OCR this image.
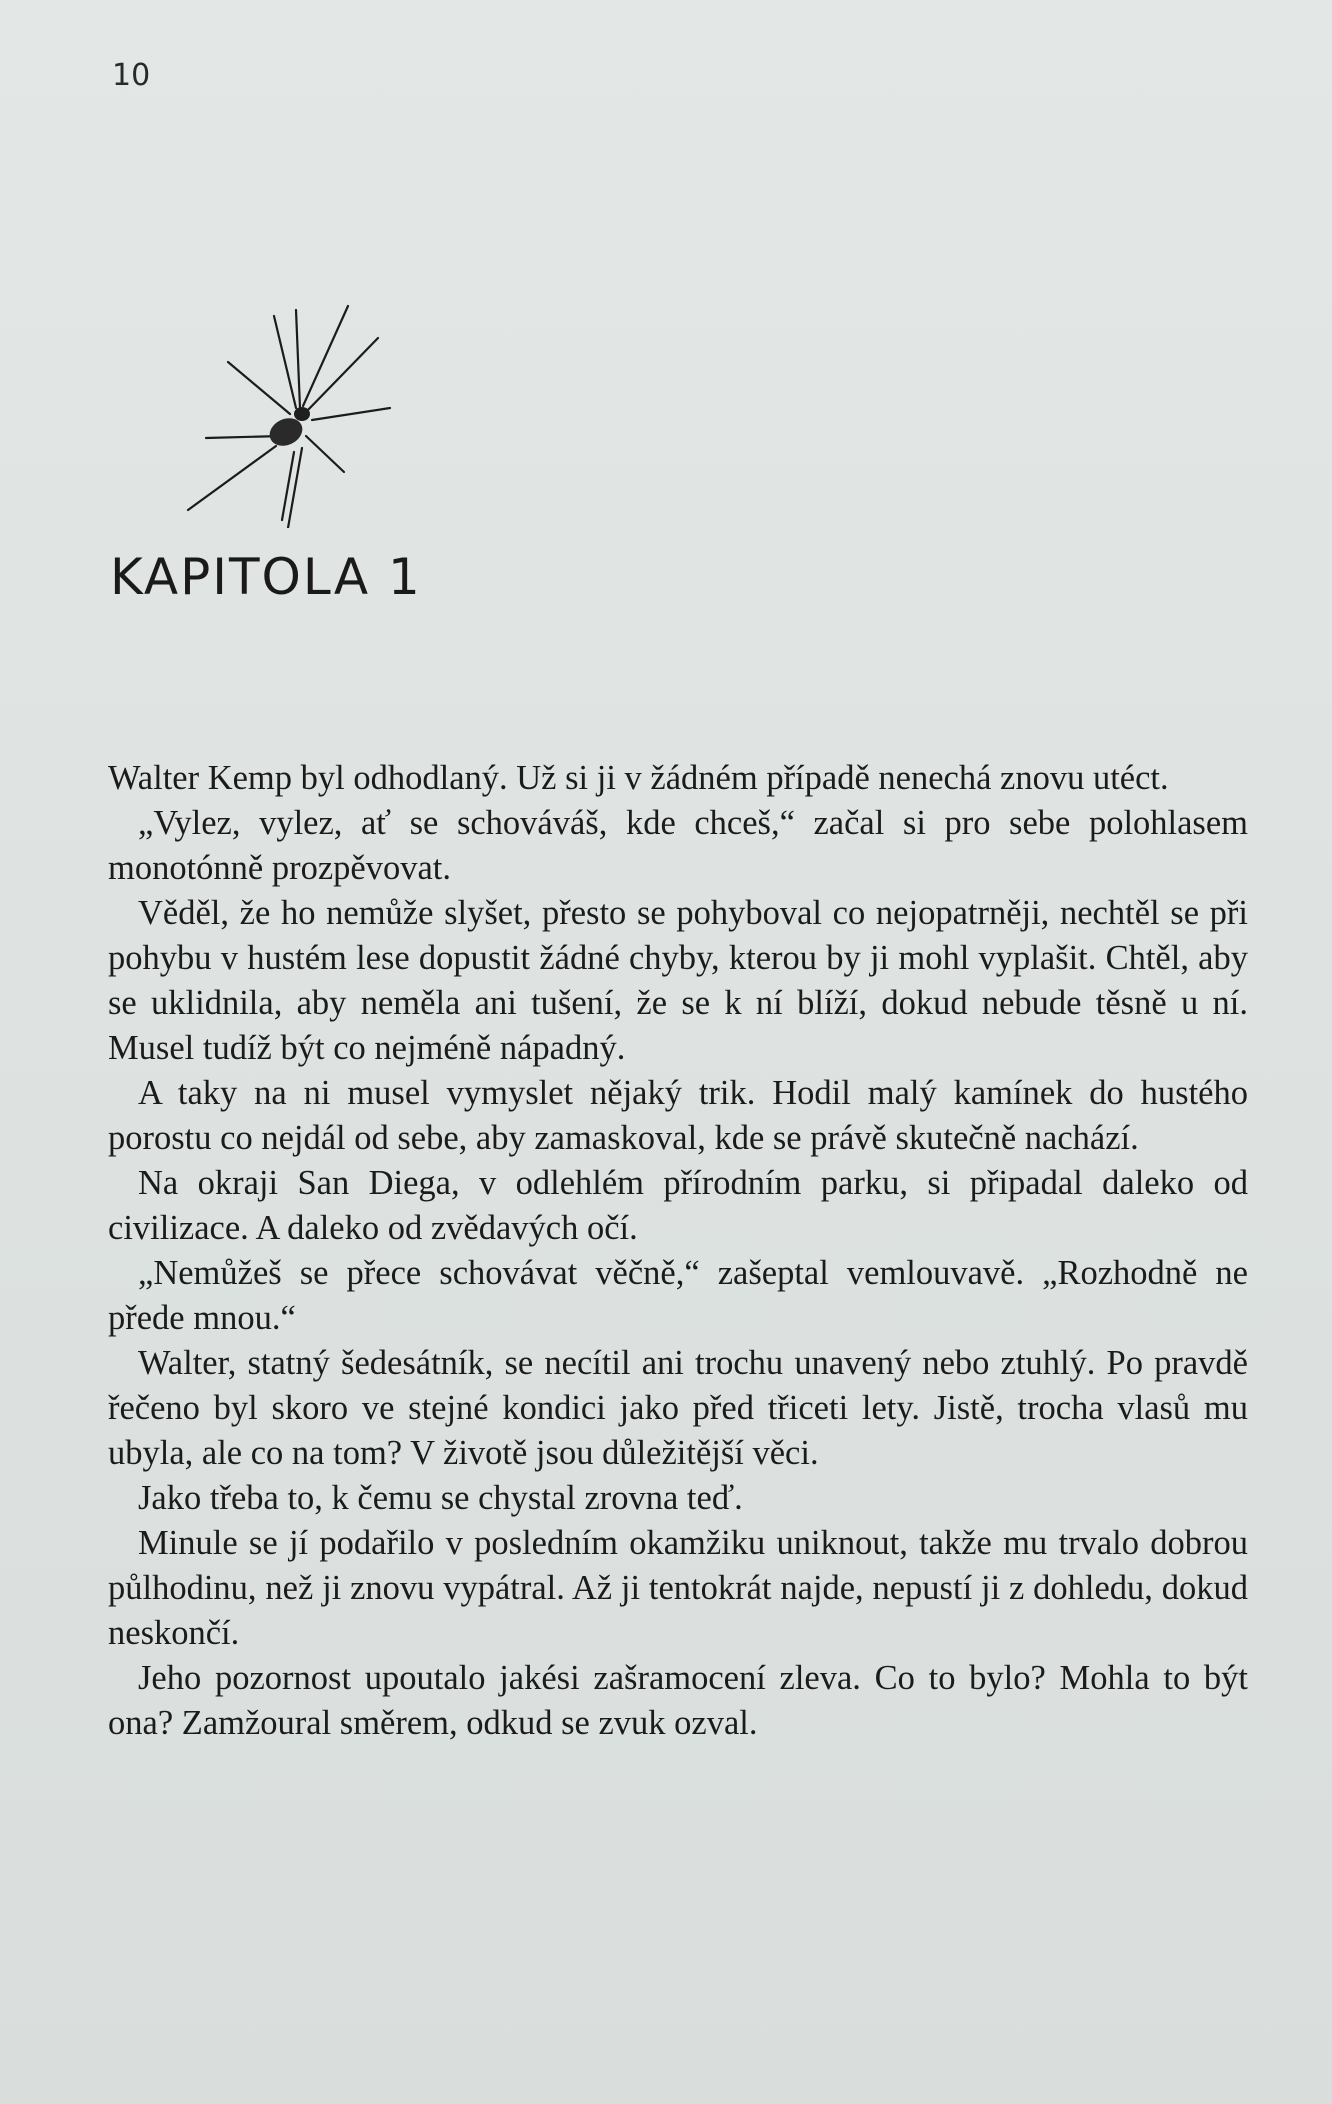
10
KAPITOLA 1

Walter Kemp byl odhodlaný. Už si ji v žádném případě nenechá znovu utéct.

„Vylez, vylez, ať se schováváš, kde chceš,“ začal si pro sebe polohlasem monotónně prozpěvovat.

Věděl, že ho nemůže slyšet, přesto se pohyboval co nejopatrněji, nechtěl se při pohybu v hustém lese dopustit žádné chyby, kterou by ji mohl vyplašit. Chtěl, aby se uklidnila, aby neměla ani tušení, že se k ní blíží, dokud nebude těsně u ní. Musel tudíž být co nejméně nápadný.

A taky na ni musel vymyslet nějaký trik. Hodil malý kamínek do hustého porostu co nejdál od sebe, aby zamaskoval, kde se právě skutečně nachází.

Na okraji San Diega, v odlehlém přírodním parku, si připadal daleko od civilizace. A daleko od zvědavých očí.

„Nemůžeš se přece schovávat věčně,“ zašeptal vemlouvavě. „Rozhodně ne přede mnou.“

Walter, statný šedesátník, se necítil ani trochu unavený nebo ztuhlý. Po pravdě řečeno byl skoro ve stejné kondici jako před třiceti lety. Jistě, trocha vlasů mu ubyla, ale co na tom? V životě jsou důležitější věci.

Jako třeba to, k čemu se chystal zrovna teď.

Minule se jí podařilo v posledním okamžiku uniknout, takže mu trvalo dobrou půlhodinu, než ji znovu vypátral. Až ji tentokrát najde, nepustí ji z dohledu, dokud neskončí.

Jeho pozornost upoutalo jakési zašramocení zleva. Co to bylo? Mohla to být ona? Zamžoural směrem, odkud se zvuk ozval.
